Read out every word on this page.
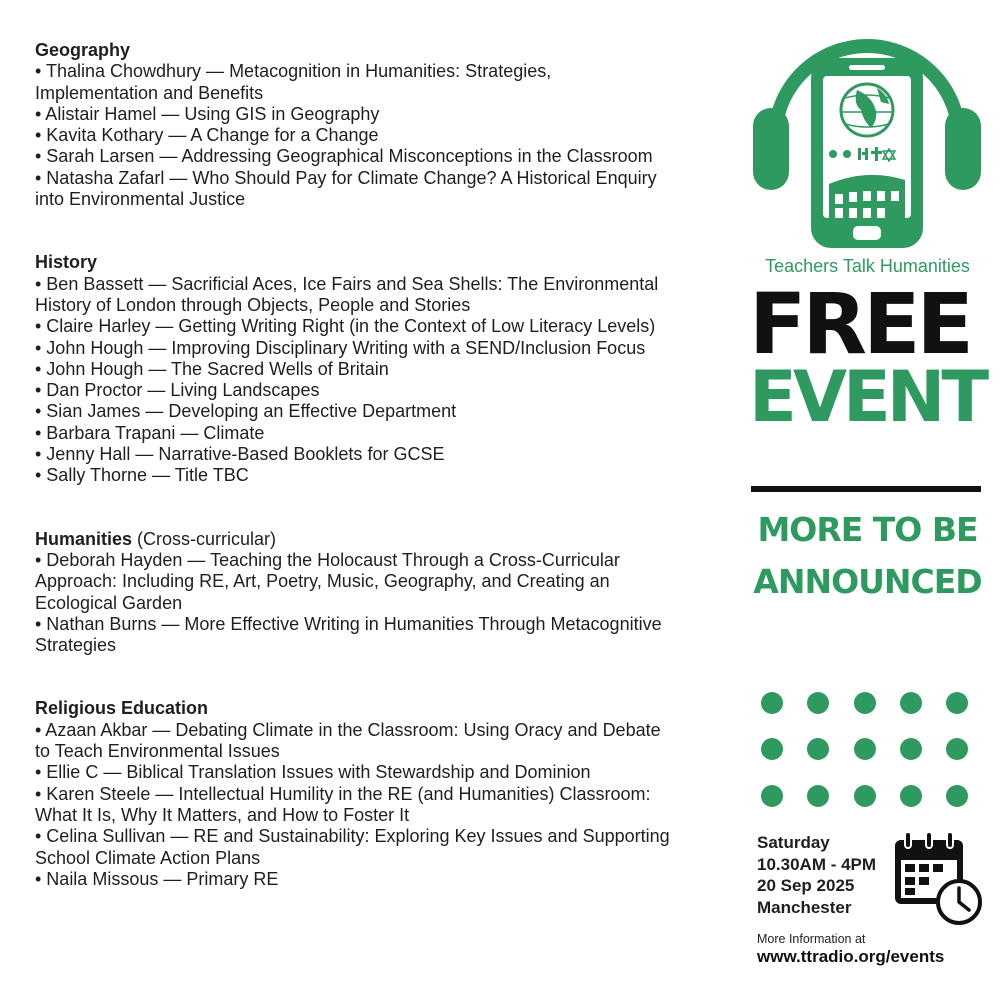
Geography
• Thalina Chowdhury — Metacognition in Humanities: Strategies, Implementation and Benefits
• Alistair Hamel — Using GIS in Geography
• Kavita Kothary — A Change for a Change
• Sarah Larsen — Addressing Geographical Misconceptions in the Classroom
• Natasha Zafarl — Who Should Pay for Climate Change? A Historical Enquiry into Environmental Justice
History
• Ben Bassett — Sacrificial Aces, Ice Fairs and Sea Shells: The Environmental History of London through Objects, People and Stories
• Claire Harley — Getting Writing Right (in the Context of Low Literacy Levels)
• John Hough — Improving Disciplinary Writing with a SEND/Inclusion Focus
• John Hough — The Sacred Wells of Britain
• Dan Proctor — Living Landscapes
• Sian James — Developing an Effective Department
• Barbara Trapani — Climate
• Jenny Hall — Narrative-Based Booklets for GCSE
• Sally Thorne — Title TBC
Humanities (Cross-curricular)
• Deborah Hayden — Teaching the Holocaust Through a Cross-Curricular Approach: Including RE, Art, Poetry, Music, Geography, and Creating an Ecological Garden
• Nathan Burns — More Effective Writing in Humanities Through Metacognitive Strategies
Religious Education
• Azaan Akbar — Debating Climate in the Classroom: Using Oracy and Debate to Teach Environmental Issues
• Ellie C — Biblical Translation Issues with Stewardship and Dominion
• Karen Steele — Intellectual Humility in the RE (and Humanities) Classroom: What It Is, Why It Matters, and How to Foster It
• Celina Sullivan — RE and Sustainability: Exploring Key Issues and Supporting School Climate Action Plans
• Naila Missous — Primary RE
Teachers Talk Humanities
FREE
EVENT
MORE TO BE
ANNOUNCED
Saturday
10.30AM - 4PM
20 Sep 2025
Manchester
More Information at
www.ttradio.org/events
